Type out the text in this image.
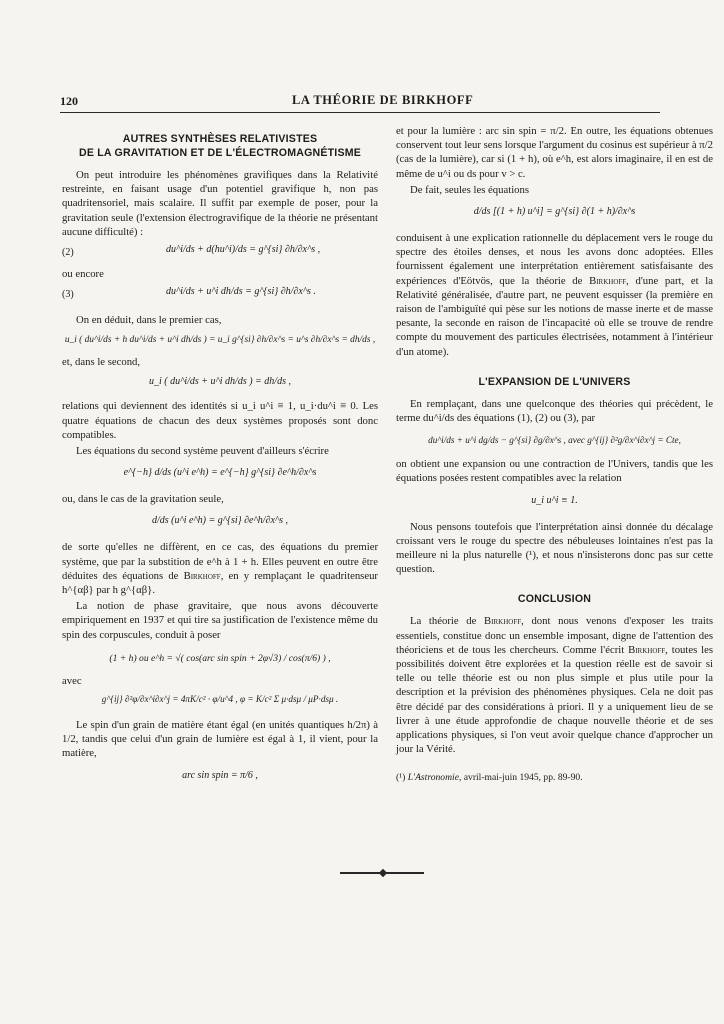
120	LA THÉORIE DE BIRKHOFF
AUTRES SYNTHÈSES RELATIVISTES
DE LA GRAVITATION ET DE L'ÉLECTROMAGNÉTISME

On peut introduire les phénomènes gravifiques dans la Relativité restreinte, en faisant usage d'un potentiel gravifique h, non pas quadritensoriel, mais scalaire. Il suffit par exemple de poser, pour la gravitation seule (l'extension électrogravifique de la théorie ne présentant aucune difficulté) :

(2)	du^i/ds + d(hu^i)/ds = g^{si} ∂h/∂x^s ,
ou encore
(3)	du^i/ds + u^i dh/ds = g^{si} ∂h/∂x^s .

On en déduit, dans le premier cas,

u_i ( du^i/ds + h du^i/ds + u^i dh/ds ) = u_i g^{si} ∂h/∂x^s = u^s ∂h/∂x^s = dh/ds ,

et, dans le second,

u_i ( du^i/ds + u^i dh/ds ) = dh/ds ,

relations qui deviennent des identités si u_i u^i ≡ 1, u_i·du^i ≡ 0. Les quatre équations de chacun des deux systèmes proposés sont donc compatibles.

Les équations du second système peuvent d'ailleurs s'écrire

e^{−h} d/ds (u^i e^h) = e^{−h} g^{si} ∂e^h/∂x^s

ou, dans le cas de la gravitation seule,

d/ds (u^i e^h) = g^{si} ∂e^h/∂x^s ,

de sorte qu'elles ne diffèrent, en ce cas, des équations du premier système, que par la substition de e^h à 1 + h. Elles peuvent en outre être déduites des équations de Birkhoff, en y remplaçant le quadritenseur h^{αβ} par h g^{αβ}.

La notion de phase gravitaire, que nous avons découverte empiriquement en 1937 et qui tire sa justification de l'existence même du spin des corpuscules, conduit à poser

(1 + h) ou e^h = √( cos(arc sin spin + 2φ√3) / cos(π/6) ) ,

avec

g^{ij} ∂²φ/∂x^i∂x^j = 4πK/c² · φ/u^4 , φ = K/c² Σ μ·dsμ / μP·dsμ .

Le spin d'un grain de matière étant égal (en unités quantiques h/2π) à 1/2, tandis que celui d'un grain de lumière est égal à 1, il vient, pour la matière,

arc sin spin = π/6 ,

et pour la lumière : arc sin spin = π/2. En outre, les équations obtenues conservent tout leur sens lorsque l'argument du cosinus est supérieur à π/2 (cas de la lumière), car si (1 + h), où e^h, est alors imaginaire, il en est de même de u^i ou ds pour v > c.

De fait, seules les équations

d/ds [(1 + h) u^i] = g^{si} ∂(1 + h)/∂x^s

conduisent à une explication rationnelle du déplacement vers le rouge du spectre des étoiles denses, et nous les avons donc adoptées. Elles fournissent également une interprétation entièrement satisfaisante des expériences d'Eötvös, que la théorie de Birkhoff, d'une part, et la Relativité généralisée, d'autre part, ne peuvent esquisser (la première en raison de l'ambiguïté qui pèse sur les notions de masse inerte et de masse pesante, la seconde en raison de l'incapacité où elle se trouve de rendre compte du mouvement des particules électrisées, notamment à l'intérieur d'un atome).

L'EXPANSION DE L'UNIVERS

En remplaçant, dans une quelconque des théories qui précèdent, le terme du^i/ds des équations (1), (2) ou (3), par

du^i/ds + u^i dg/ds − g^{si} ∂g/∂x^s , avec g^{ij} ∂²g/∂x^i∂x^j = Cte,

on obtient une expansion ou une contraction de l'Univers, tandis que les équations posées restent compatibles avec la relation

u_i u^i ≡ 1.

Nous pensons toutefois que l'interprétation ainsi donnée du décalage croissant vers le rouge du spectre des nébuleuses lointaines n'est pas la meilleure ni la plus naturelle (¹), et nous n'insisterons donc pas sur cette question.

CONCLUSION

La théorie de Birkhoff, dont nous venons d'exposer les traits essentiels, constitue donc un ensemble imposant, digne de l'attention des théoriciens et de tous les chercheurs. Comme l'écrit Birkhoff, toutes les possibilités doivent être explorées et la question réelle est de savoir si telle ou telle théorie est ou non plus simple et plus utile pour la description et la prévision des phénomènes physiques. Cela ne doit pas être décidé par des considérations à priori. Il y a uniquement lieu de se livrer à une étude approfondie de chaque nouvelle théorie et de ses applications physiques, si l'on veut avoir quelque chance d'approcher un jour la Vérité.

(¹) L'Astronomie, avril-mai-juin 1945, pp. 89-90.
